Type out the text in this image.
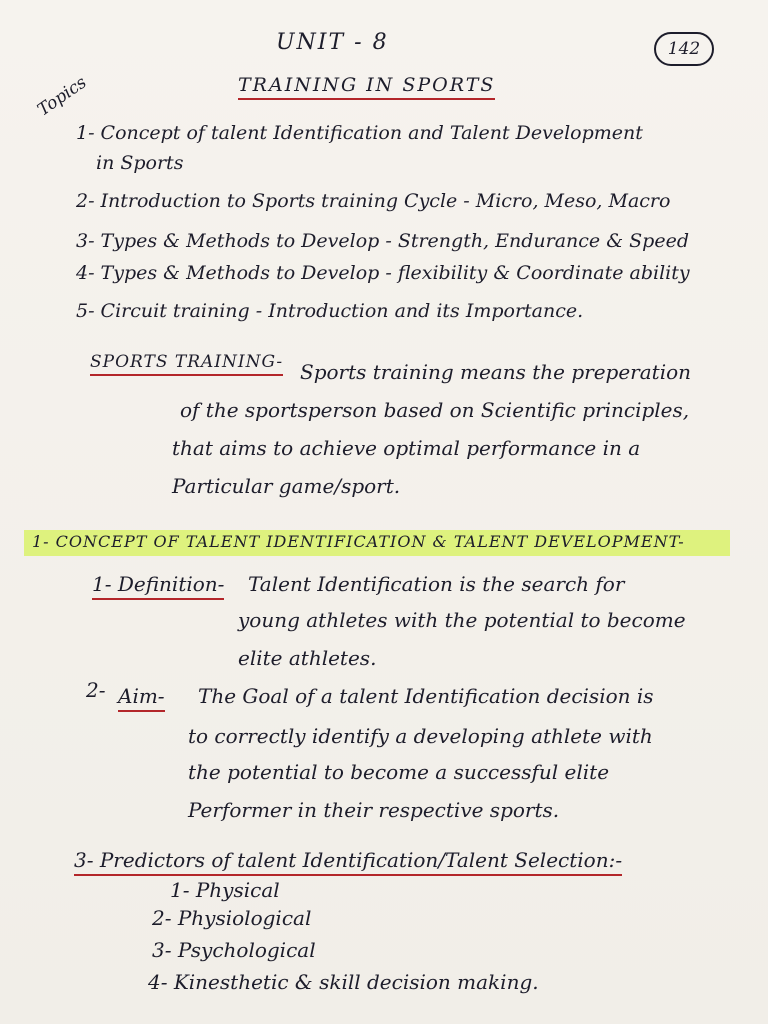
UNIT - 8	142
TRAINING IN SPORTS
Topics
1- Concept of talent Identification and Talent Development
in Sports
2- Introduction to Sports training Cycle - Micro, Meso, Macro
3- Types & Methods to Develop - Strength, Endurance & Speed
4- Types & Methods to Develop - flexibility & Coordinate ability
5- Circuit training - Introduction and its Importance.
SPORTS TRAINING- Sports training means the preperation
of the sportsperson based on Scientific principles,
that aims to achieve optimal performance in a
Particular game/sport.
1- CONCEPT OF TALENT IDENTIFICATION & TALENT DEVELOPMENT-
1- Definition- Talent Identification is the search for
young athletes with the potential to become
elite athletes.
2- Aim- The Goal of a talent Identification decision is
to correctly identify a developing athlete with
the potential to become a successful elite
Performer in their respective sports.
3- Predictors of talent Identification/Talent Selection:-
1- Physical
2- Physiological
3- Psychological
4- Kinesthetic & skill decision making.
